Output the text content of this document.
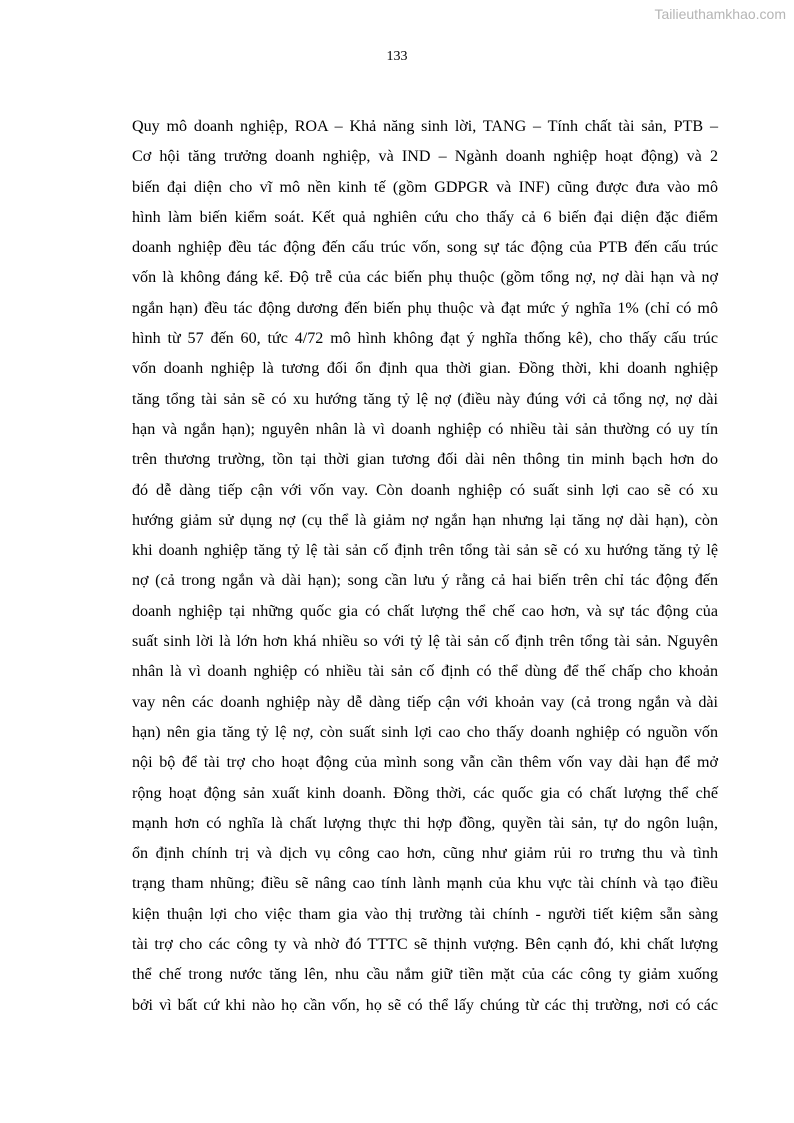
Tailieuthamkhao.com
133
Quy mô doanh nghiệp, ROA – Khả năng sinh lời, TANG – Tính chất tài sản, PTB –
Cơ hội tăng trưởng doanh nghiệp, và IND – Ngành doanh nghiệp hoạt động) và 2
biến đại diện cho vĩ mô nền kinh tế (gồm GDPGR và INF) cũng được đưa vào mô
hình làm biến kiểm soát. Kết quả nghiên cứu cho thấy cả 6 biến đại diện đặc điểm
doanh nghiệp đều tác động đến cấu trúc vốn, song sự tác động của PTB đến cấu trúc
vốn là không đáng kể. Độ trễ của các biến phụ thuộc (gồm tổng nợ, nợ dài hạn và nợ
ngắn hạn) đều tác động dương đến biến phụ thuộc và đạt mức ý nghĩa 1% (chỉ có mô
hình từ 57 đến 60, tức 4/72 mô hình không đạt ý nghĩa thống kê), cho thấy cấu trúc
vốn doanh nghiệp là tương đối ổn định qua thời gian. Đồng thời, khi doanh nghiệp
tăng tổng tài sản sẽ có xu hướng tăng tỷ lệ nợ (điều này đúng với cả tổng nợ, nợ dài
hạn và ngắn hạn); nguyên nhân là vì doanh nghiệp có nhiều tài sản thường có uy tín
trên thương trường, tồn tại thời gian tương đối dài nên thông tin minh bạch hơn do
đó dễ dàng tiếp cận với vốn vay. Còn doanh nghiệp có suất sinh lợi cao sẽ có xu
hướng giảm sử dụng nợ (cụ thể là giảm nợ ngắn hạn nhưng lại tăng nợ dài hạn), còn
khi doanh nghiệp tăng tỷ lệ tài sản cố định trên tổng tài sản sẽ có xu hướng tăng tỷ lệ
nợ (cả trong ngắn và dài hạn); song cần lưu ý rằng cả hai biến trên chỉ tác động đến
doanh nghiệp tại những quốc gia có chất lượng thể chế cao hơn, và sự tác động của
suất sinh lời là lớn hơn khá nhiều so với tỷ lệ tài sản cố định trên tổng tài sản. Nguyên
nhân là vì doanh nghiệp có nhiều tài sản cố định có thể dùng để thế chấp cho khoản
vay nên các doanh nghiệp này dễ dàng tiếp cận với khoản vay (cả trong ngắn và dài
hạn) nên gia tăng tỷ lệ nợ, còn suất sinh lợi cao cho thấy doanh nghiệp có nguồn vốn
nội bộ để tài trợ cho hoạt động của mình song vẫn cần thêm vốn vay dài hạn để mở
rộng hoạt động sản xuất kinh doanh. Đồng thời, các quốc gia có chất lượng thể chế
mạnh hơn có nghĩa là chất lượng thực thi hợp đồng, quyền tài sản, tự do ngôn luận,
ổn định chính trị và dịch vụ công cao hơn, cũng như giảm rủi ro trưng thu và tình
trạng tham nhũng; điều sẽ nâng cao tính lành mạnh của khu vực tài chính và tạo điều
kiện thuận lợi cho việc tham gia vào thị trường tài chính - người tiết kiệm sẵn sàng
tài trợ cho các công ty và nhờ đó TTTC sẽ thịnh vượng. Bên cạnh đó, khi chất lượng
thể chế trong nước tăng lên, nhu cầu nắm giữ tiền mặt của các công ty giảm xuống
bởi vì bất cứ khi nào họ cần vốn, họ sẽ có thể lấy chúng từ các thị trường, nơi có các
